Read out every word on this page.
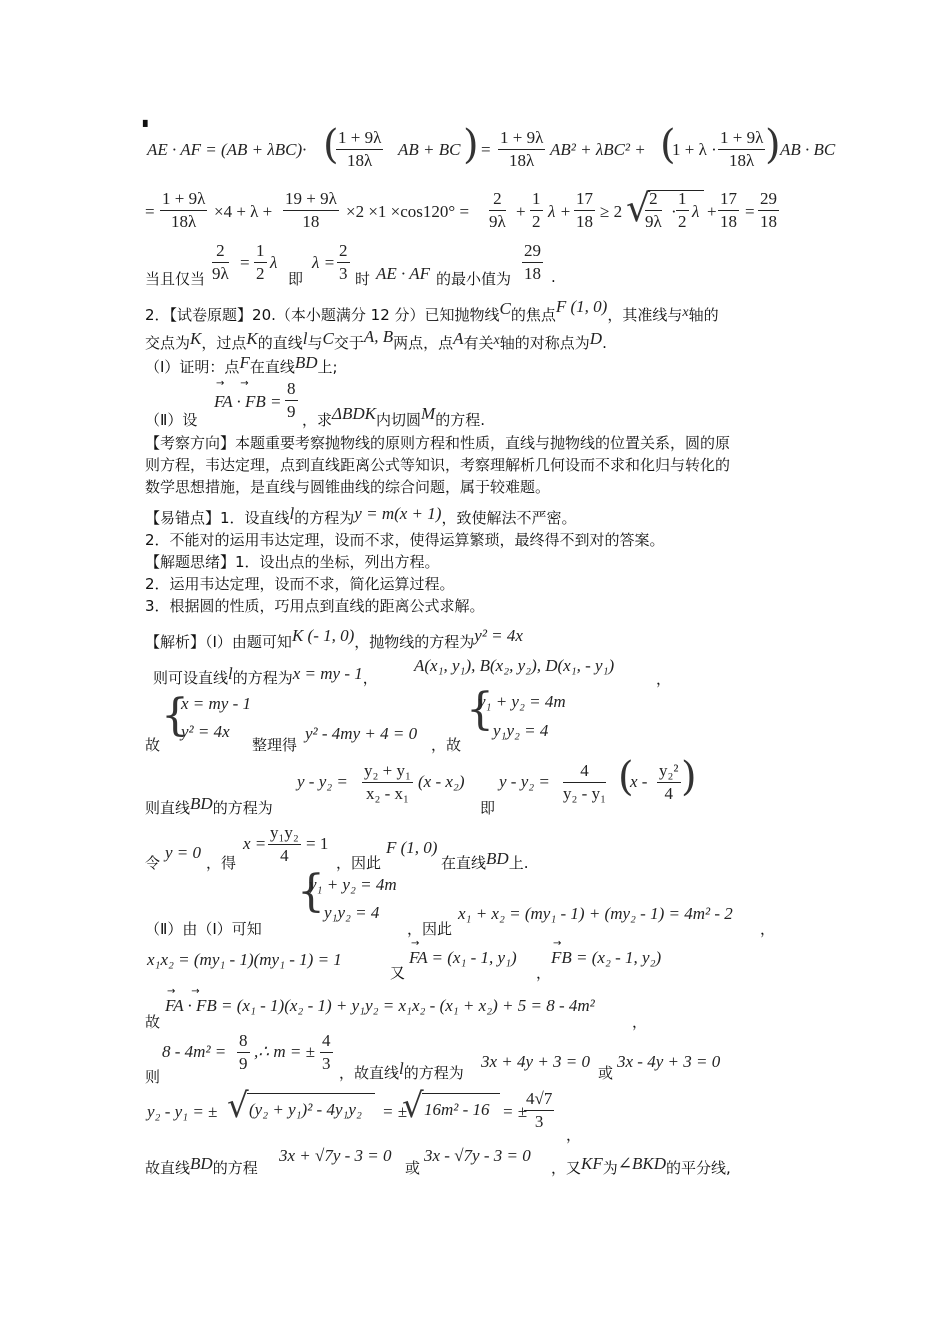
▘
AE · AF = (AB + λBC)· (
$\frac{1 + 9\lambda}{18\lambda}$ AB + BC ) = $\frac{1 + 9\lambda}{18\lambda} AB^2 + \lambda BC^2$ + (
$1 + \lambda \cdot \frac{1 + 9\lambda}{18\lambda}$ ) AB · BC
= $\frac{1 + 9\lambda}{18\lambda} \times 4 + \lambda + \frac{19 + 9\lambda}{18} \times 2 \times 1 \times\cos 120^\circ = \frac{2}{9\lambda} + \frac{1}{2}$ $\lambda + \frac{17}{18} \ge 2$ √
$\frac{2}{9\lambda} \cdot \frac{1}{2}$ $\lambda + \frac{17}{18} = \frac{29}{18}$
当且仅当 $\frac{2}{9\lambda} = \frac{1}{2}$ λ
即
$\lambda = \frac{2}{3}$ 时 AE · AF 的最小值为 $\frac{29}{18}$ .
2．【试卷原题】20.（本小题满分 12 分）已知抛物线C的焦点F (1, 0)，其准线与x轴的
交点为K，过点K的直线l与C交于A, B两点，点A有关x轴的对称点为D.
（Ⅰ）证明：点F在直线BD上;
（Ⅱ）设
→     →
FA · FB = $\frac{8}{9}$ ，求ΔBDK内切圆M的方程.
【考察方向】本题重要考察抛物线的原则方程和性质，直线与抛物线的位置关系，圆的原
则方程，韦达定理，点到直线距离公式等知识，考察理解析几何设而不求和化归与转化的
数学思想措施，是直线与圆锥曲线的综合问题，属于较难题。
【易错点】1．设直线l的方程为y = m(x + 1)，致使解法不严密。
2．不能对的运用韦达定理，设而不求，使得运算繁琐，最终得不到对的答案。
【解题思绪】1．设出点的坐标，列出方程。
2．运用韦达定理，设而不求，简化运算过程。
3．根据圆的性质，巧用点到直线的距离公式求解。
【解析】（Ⅰ）由题可知K (- 1, 0)，抛物线的方程为y² = 4x
则可设直线l的方程为x = my - 1，
A(x₁, y₁), B(x₂, y₂), D(x₁, - y₁)
，
故
{
x = my - 1
y² = 4x
整理得
y² - 4my + 4 = 0
，故
{
y₁ + y₂ = 4m
y₁y₂ = 4
则直线BD的方程为
$y - y_2 = \frac{\text{y₂ + y₁}}{\text{x₂ - x₁}} (x - x_2)$
即
$y - y_2 = \frac{4}{\text{y₂ - y₁}}$ (
x - $\frac{\text{y₂²}}{4}$ )
令
y = 0
，得
$x = \frac{\text{y₁y₂}}{4} = 1$
，因此
F (1, 0)
在直线BD上.
（Ⅱ）由（Ⅰ）可知
{
y₁ + y₂ = 4m
y₁y₂ = 4
，因此
x₁ + x₂ = (my₁ - 1) + (my₂ - 1) = 4m² - 2
，
x₁x₂ = (my₁ - 1)(my₁ - 1) = 1
又
→
FA = (x₁ - 1, y₁)
，
→
FB = (x₂ - 1, y₂)
故
→     →
FA · FB = (x₁ - 1)(x₂ - 1) + y₁y₂ = x₁x₂ - (x₁ + x₂) + 5 = 8 - 4m²
，
则
$8 - 4m^2 = \frac{8}{9}$ ,∴ m = ± $\frac{4}{3}$ ，故直线l的方程为
3x + 4y + 3 = 0
或
3x - 4y + 3 = 0
y₂ - y₁ = ± √ (y₂ + y₁)² - 4y₁y₂ = ±
√ 16m² - 16 = ±
$\frac{4√7}{3}$
，
故直线BD的方程
3x + √7y - 3 = 0
或
3x - √7y - 3 = 0
，又KF为∠BKD的平分线,
